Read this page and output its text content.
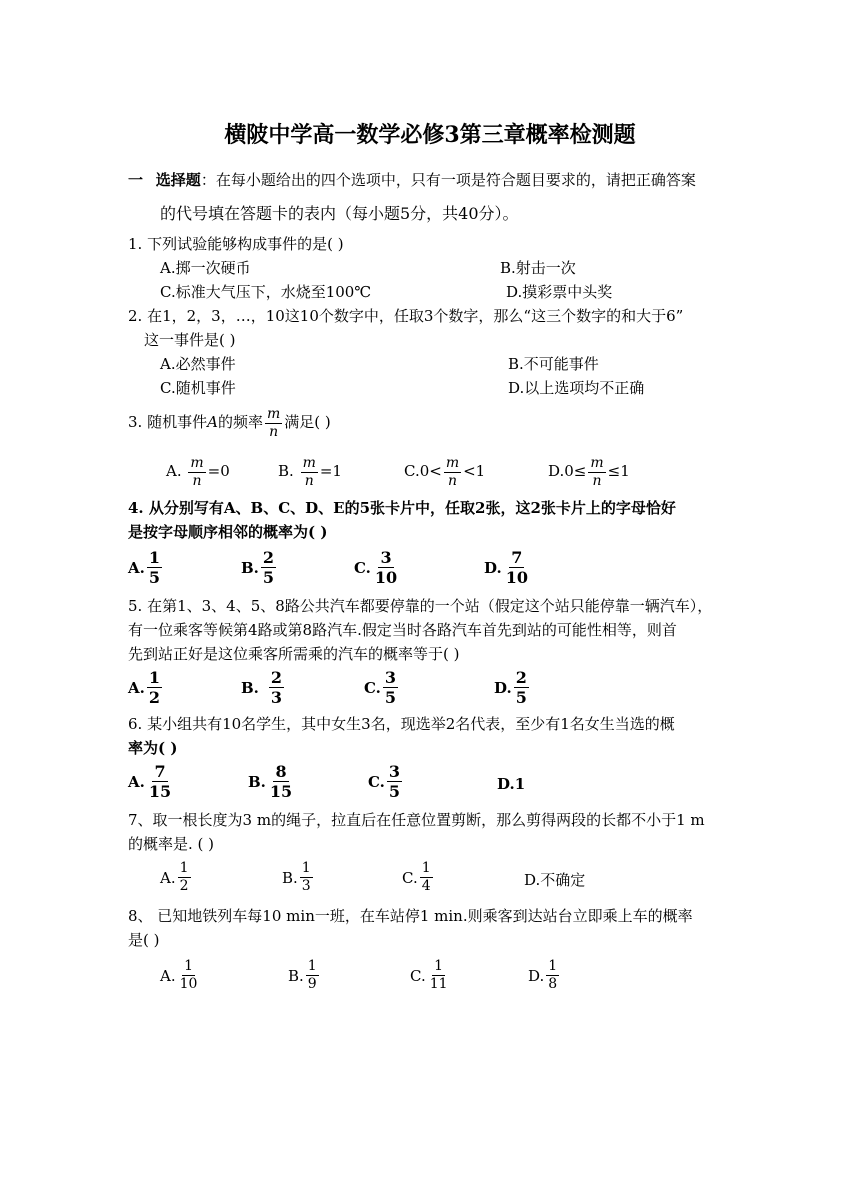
横陂中学高一数学必修3第三章概率检测题
一 选择题：在每小题给出的四个选项中，只有一项是符合题目要求的，请把正确答案
的代号填在答题卡的表内（每小题5分，共40分）。
1. 下列试验能够构成事件的是( )
A.掷一次硬币	B.射击一次
C.标准大气压下，水烧至100℃	D.摸彩票中头奖
2. 在1，2，3，…，10这10个数字中，任取3个数字，那么“这三个数字的和大于6”
这一事件是( )
A.必然事件	B.不可能事件
C.随机事件	D.以上选项均不正确
3. 随机事件A的频率 $\frac{m}{n}$ 满足( )
A. $\frac{m}{n} =0$	B. $\frac{m}{n} =1$	$C.0< \frac{m}{n} <1$	$D.0\le \frac{m}{n} \le 1$
4. 从分别写有A、B、C、D、E的5张卡片中，任取2张，这2张卡片上的字母恰好
是按字母顺序相邻的概率为( )
A. $\frac{1}{5}$	B. $\frac{2}{5}$	C. $\frac{3}{10}$	D. $\frac{7}{10}$
5. 在第1、3、4、5、8路公共汽车都要停靠的一个站（假定这个站只能停靠一辆汽车），
有一位乘客等候第4路或第8路汽车.假定当时各路汽车首先到站的可能性相等，则首
先到站正好是这位乘客所需乘的汽车的概率等于( )
A. $\frac{1}{2}$	B. $\frac{2}{3}$	C. $\frac{3}{5}$	D. $\frac{2}{5}$
6. 某小组共有10名学生，其中女生3名，现选举2名代表，至少有1名女生当选的概
率为( )
A. $\frac{7}{15}$	B. $\frac{8}{15}$	C. $\frac{3}{5}$	D.1
7、取一根长度为3 m的绳子，拉直后在任意位置剪断，那么剪得两段的长都不小于1 m
的概率是. ( )
A. $\frac{1}{2}$	B. $\frac{1}{3}$	C. $\frac{1}{4}$	D.不确定
8、 已知地铁列车每10 min一班，在车站停1 min.则乘客到达站台立即乘上车的概率
是( )
A. $\frac{1}{10}$	B. $\frac{1}{9}$	C. $\frac{1}{11}$	D. $\frac{1}{8}$
